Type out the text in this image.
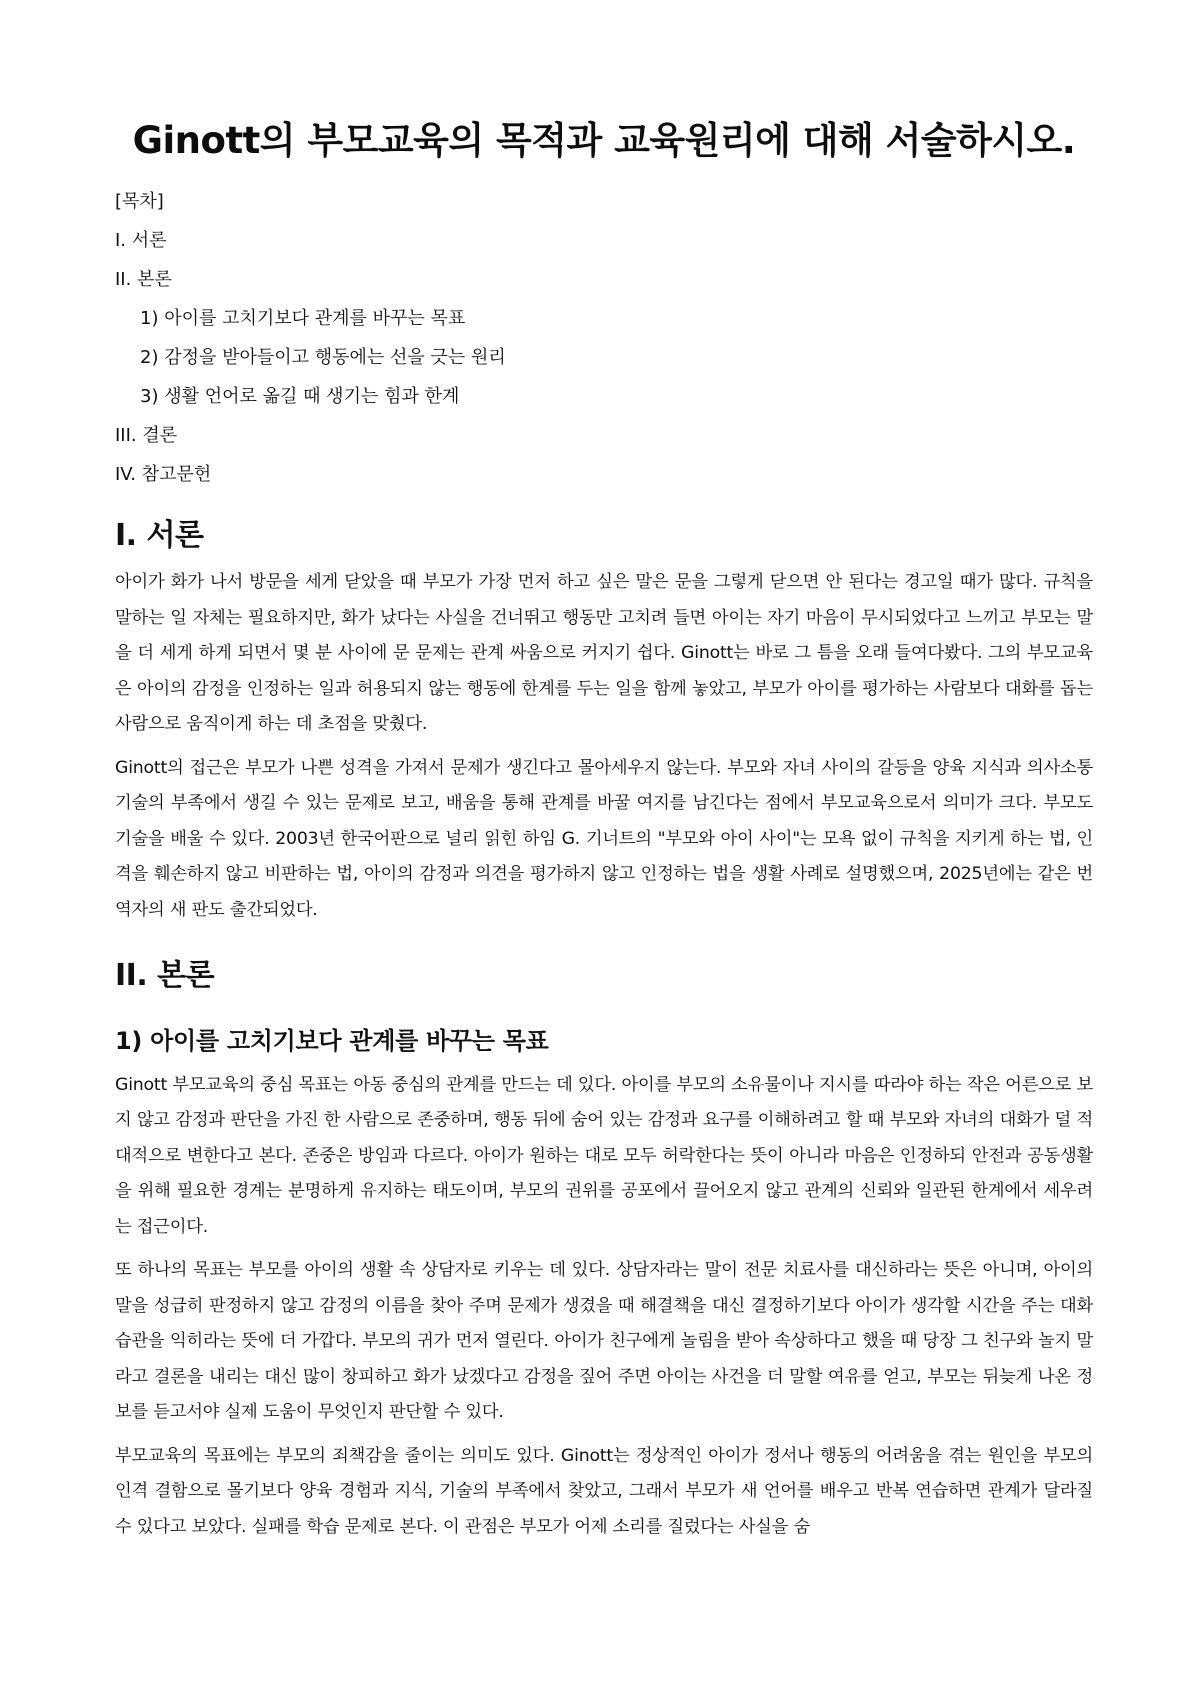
Ginott의 부모교육의 목적과 교육원리에 대해 서술하시오.
[목차]
I. 서론
II. 본론
1) 아이를 고치기보다 관계를 바꾸는 목표
2) 감정을 받아들이고 행동에는 선을 긋는 원리
3) 생활 언어로 옮길 때 생기는 힘과 한계
III. 결론
IV. 참고문헌
I. 서론

아이가 화가 나서 방문을 세게 닫았을 때 부모가 가장 먼저 하고 싶은 말은 문을 그렇게 닫으면 안 된다는 경고일 때가 많다. 규칙을 말하는 일 자체는 필요하지만, 화가 났다는 사실을 건너뛰고 행동만 고치려 들면 아이는 자기 마음이 무시되었다고 느끼고 부모는 말을 더 세게 하게 되면서 몇 분 사이에 문 문제는 관계 싸움으로 커지기 쉽다. Ginott는 바로 그 틈을 오래 들여다봤다. 그의 부모교육은 아이의 감정을 인정하는 일과 허용되지 않는 행동에 한계를 두는 일을 함께 놓았고, 부모가 아이를 평가하는 사람보다 대화를 돕는 사람으로 움직이게 하는 데 초점을 맞췄다.

Ginott의 접근은 부모가 나쁜 성격을 가져서 문제가 생긴다고 몰아세우지 않는다. 부모와 자녀 사이의 갈등을 양육 지식과 의사소통 기술의 부족에서 생길 수 있는 문제로 보고, 배움을 통해 관계를 바꿀 여지를 남긴다는 점에서 부모교육으로서 의미가 크다. 부모도 기술을 배울 수 있다. 2003년 한국어판으로 널리 읽힌 하임 G. 기너트의 "부모와 아이 사이"는 모욕 없이 규칙을 지키게 하는 법, 인격을 훼손하지 않고 비판하는 법, 아이의 감정과 의견을 평가하지 않고 인정하는 법을 생활 사례로 설명했으며, 2025년에는 같은 번역자의 새 판도 출간되었다.

II. 본론
1) 아이를 고치기보다 관계를 바꾸는 목표

Ginott 부모교육의 중심 목표는 아동 중심의 관계를 만드는 데 있다. 아이를 부모의 소유물이나 지시를 따라야 하는 작은 어른으로 보지 않고 감정과 판단을 가진 한 사람으로 존중하며, 행동 뒤에 숨어 있는 감정과 요구를 이해하려고 할 때 부모와 자녀의 대화가 덜 적대적으로 변한다고 본다. 존중은 방임과 다르다. 아이가 원하는 대로 모두 허락한다는 뜻이 아니라 마음은 인정하되 안전과 공동생활을 위해 필요한 경계는 분명하게 유지하는 태도이며, 부모의 권위를 공포에서 끌어오지 않고 관계의 신뢰와 일관된 한계에서 세우려는 접근이다.

또 하나의 목표는 부모를 아이의 생활 속 상담자로 키우는 데 있다. 상담자라는 말이 전문 치료사를 대신하라는 뜻은 아니며, 아이의 말을 성급히 판정하지 않고 감정의 이름을 찾아 주며 문제가 생겼을 때 해결책을 대신 결정하기보다 아이가 생각할 시간을 주는 대화 습관을 익히라는 뜻에 더 가깝다. 부모의 귀가 먼저 열린다. 아이가 친구에게 놀림을 받아 속상하다고 했을 때 당장 그 친구와 놀지 말라고 결론을 내리는 대신 많이 창피하고 화가 났겠다고 감정을 짚어 주면 아이는 사건을 더 말할 여유를 얻고, 부모는 뒤늦게 나온 정보를 듣고서야 실제 도움이 무엇인지 판단할 수 있다.

부모교육의 목표에는 부모의 죄책감을 줄이는 의미도 있다. Ginott는 정상적인 아이가 정서나 행동의 어려움을 겪는 원인을 부모의 인격 결함으로 몰기보다 양육 경험과 지식, 기술의 부족에서 찾았고, 그래서 부모가 새 언어를 배우고 반복 연습하면 관계가 달라질 수 있다고 보았다. 실패를 학습 문제로 본다. 이 관점은 부모가 어제 소리를 질렀다는 사실을 숨
